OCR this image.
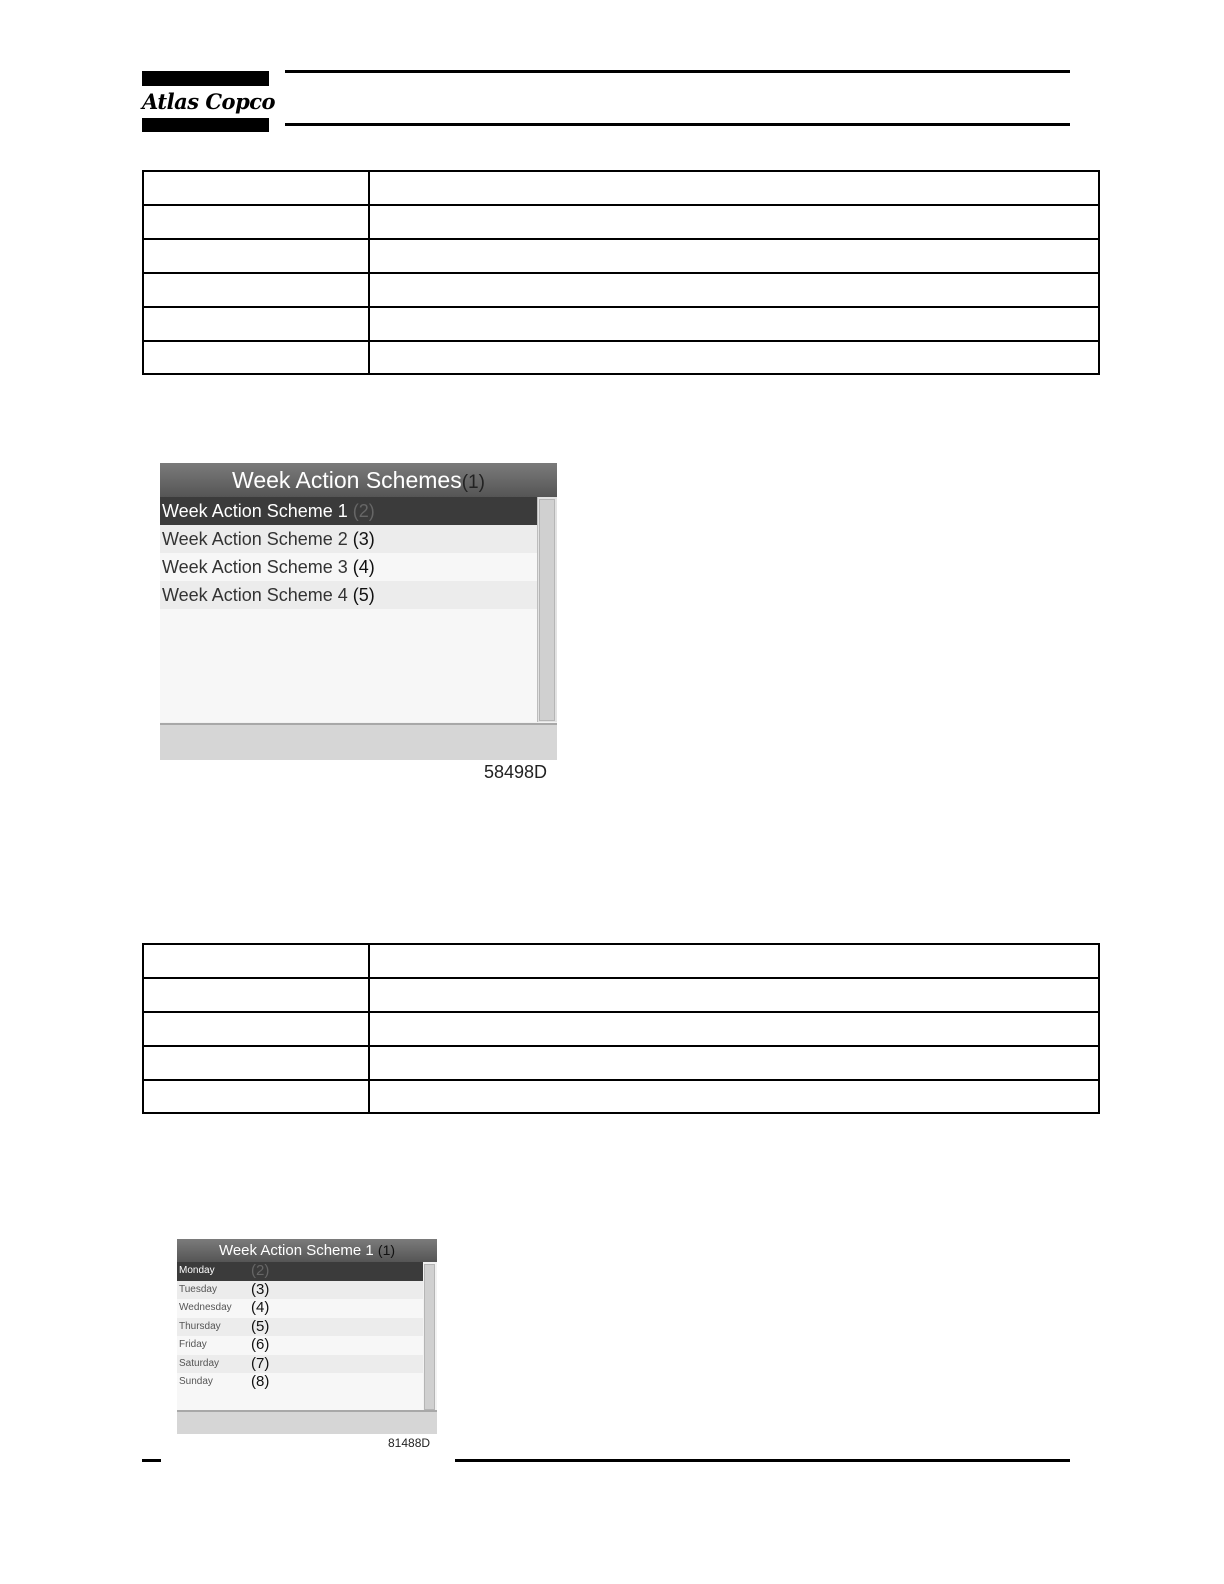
Atlas Copco

Week Action Schemes(1)
Week Action Scheme 1 (2)
Week Action Scheme 2 (3)
Week Action Scheme 3 (4)
Week Action Scheme 4 (5)
58498D

Week Action Scheme 1 (1)
Monday (2)
Tuesday (3)
Wednesday (4)
Thursday (5)
Friday	(6)
Saturday (7)
Sunday	(8)
81488D
